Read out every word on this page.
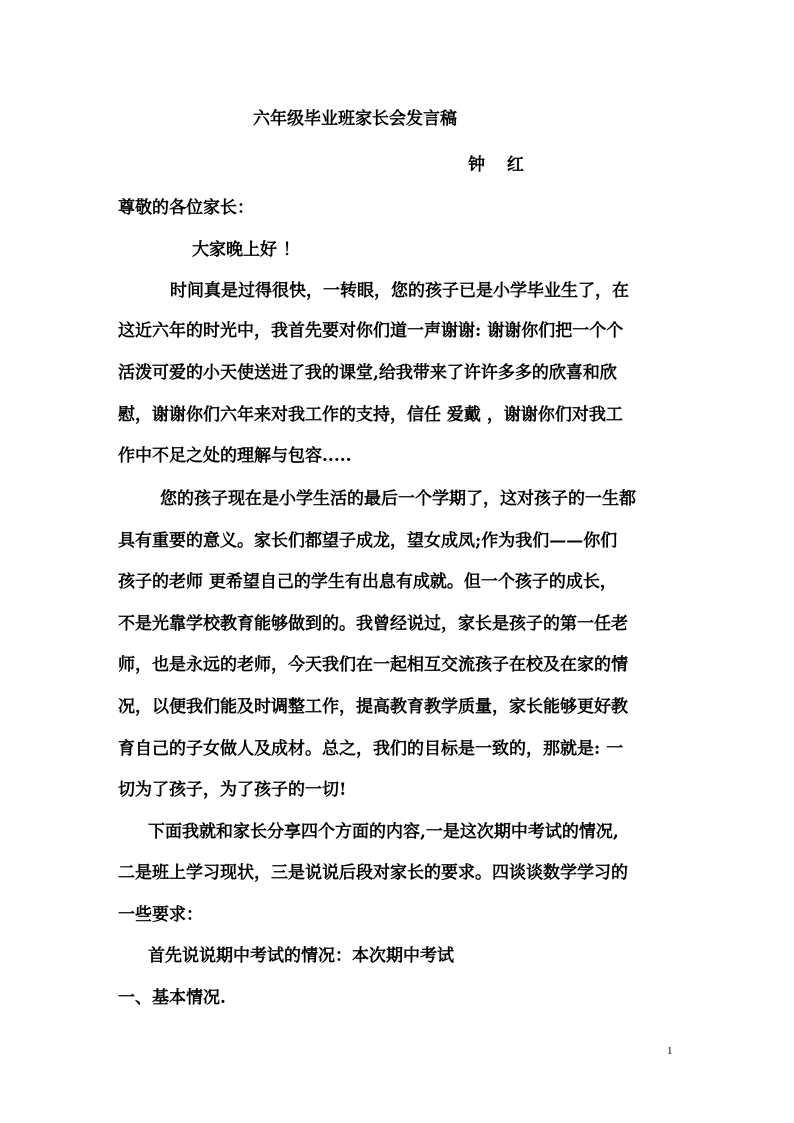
六年级毕业班家长会发言稿
钟 红
尊敬的各位家长：
大家晚上好 ！
时间真是过得很快，一转眼，您的孩子已是小学毕业生了，在
这近六年的时光中，我首先要对你们道一声谢谢: 谢谢你们把一个个
活泼可爱的小天使送进了我的课堂,给我带来了许许多多的欣喜和欣
慰，谢谢你们六年来对我工作的支持，信任 爱戴 ，谢谢你们对我工
作中不足之处的理解与包容.....
您的孩子现在是小学生活的最后一个学期了，这对孩子的一生都
具有重要的意义。家长们都望子成龙，望女成凤;作为我们——你们
孩子的老师 更希望自己的学生有出息有成就。但一个孩子的成长，
不是光靠学校教育能够做到的。我曾经说过，家长是孩子的第一任老
师，也是永远的老师，今天我们在一起相互交流孩子在校及在家的情
况，以便我们能及时调整工作，提高教育教学质量，家长能够更好教
育自己的子女做人及成材。总之，我们的目标是一致的，那就是: 一
切为了孩子，为了孩子的一切!
下面我就和家长分享四个方面的内容,一是这次期中考试的情况,
二是班上学习现状，三是说说后段对家长的要求。四谈谈数学学习的
一些要求：
首先说说期中考试的情况：本次期中考试
一、基本情况.
1
